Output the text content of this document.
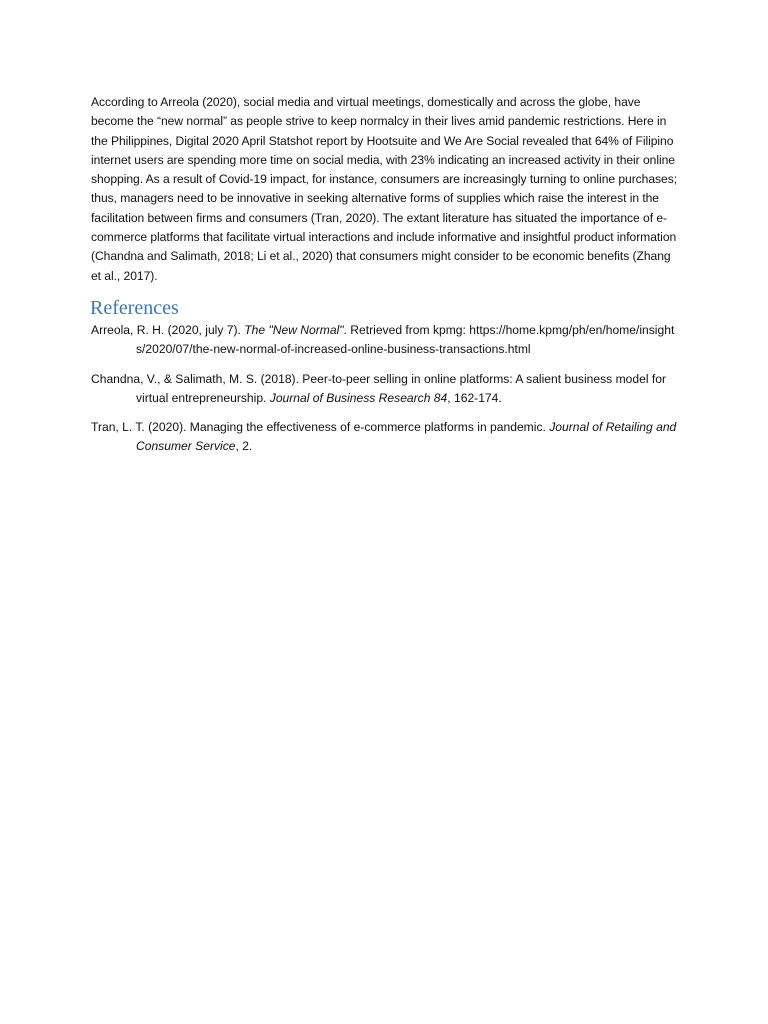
According to Arreola (2020), social media and virtual meetings, domestically and across the globe, have become the “new normal” as people strive to keep normalcy in their lives amid pandemic restrictions. Here in the Philippines, Digital 2020 April Statshot report by Hootsuite and We Are Social revealed that 64% of Filipino internet users are spending more time on social media, with 23% indicating an increased activity in their online shopping. As a result of Covid-19 impact, for instance, consumers are increasingly turning to online purchases; thus, managers need to be innovative in seeking alternative forms of supplies which raise the interest in the facilitation between firms and consumers (Tran, 2020). The extant literature has situated the importance of e-commerce platforms that facilitate virtual interactions and include informative and insightful product information (Chandna and Salimath, 2018; Li et al., 2020) that consumers might consider to be economic benefits (Zhang et al., 2017).

References
Arreola, R. H. (2020, july 7). The "New Normal". Retrieved from kpmg: https://home.kpmg/ph/en/home/insights/2020/07/the-new-normal-of-increased-online-business-transactions.html
Chandna, V., & Salimath, M. S. (2018). Peer-to-peer selling in online platforms: A salient business model for virtual entrepreneurship. Journal of Business Research 84, 162-174.
Tran, L. T. (2020). Managing the effectiveness of e-commerce platforms in pandemic. Journal of Retailing and Consumer Service, 2.
